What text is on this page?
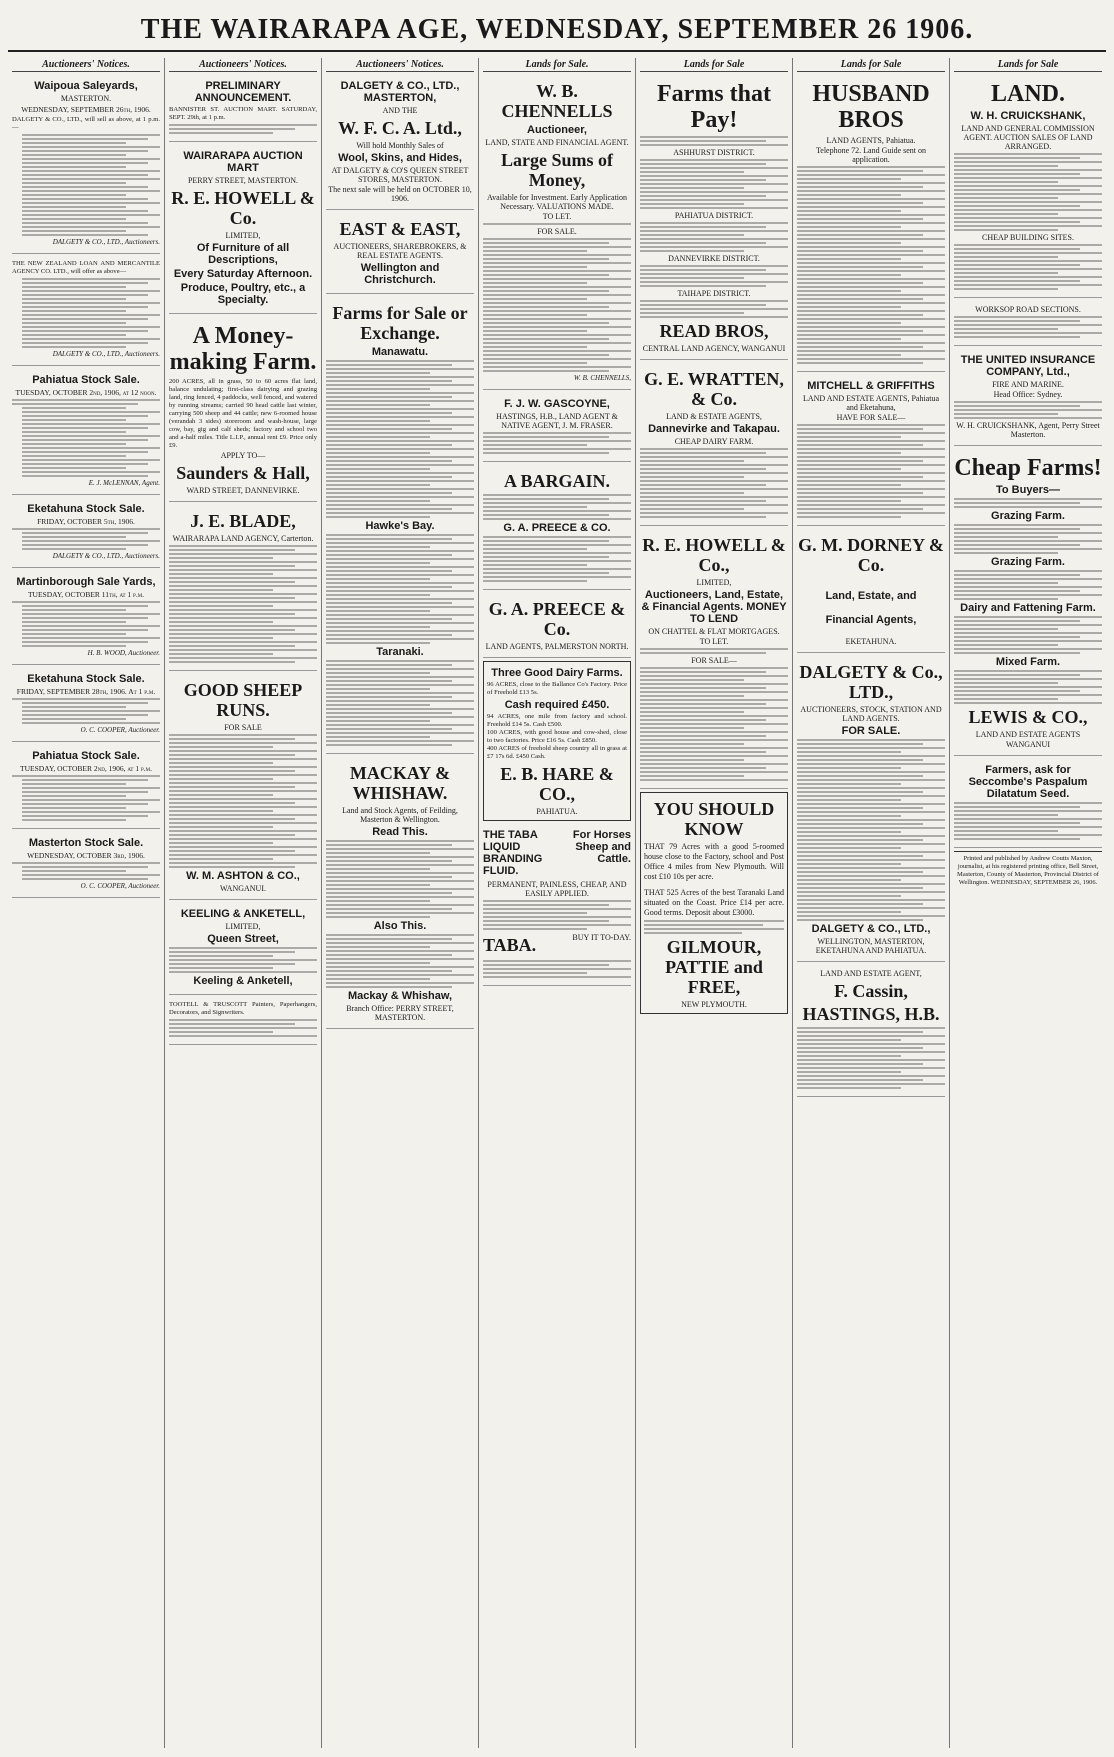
THE WAIRARAPA AGE, WEDNESDAY, SEPTEMBER 26 1906.
Auctioneers' Notices.
Waipoua Saleyards,
MASTERTON.
WEDNESDAY, SEPTEMBER 26th, 1906.
DALGETY & CO., LTD., will sell as above, at 1 p.m.—
DALGETY & CO., LTD., Auctioneers.
THE NEW ZEALAND LOAN AND MERCANTILE AGENCY CO. LTD., will offer as above—
DALGETY & CO., LTD., Auctioneers.
Pahiatua Stock Sale.
TUESDAY, OCTOBER 2nd, 1906, at 12 noon.
E. J. McLENNAN, Agent.
Eketahuna Stock Sale.
FRIDAY, OCTOBER 5th, 1906.
DALGETY & CO., LTD., Auctioneers.
Martinborough Sale Yards,
TUESDAY, OCTOBER 11th, at 1 p.m.
H. B. WOOD, Auctioneer.
Eketahuna Stock Sale.
FRIDAY, SEPTEMBER 28th, 1906. At 1 p.m.
O. C. COOPER, Auctioneer.
Pahiatua Stock Sale.
TUESDAY, OCTOBER 2nd, 1906, at 1 p.m.
Masterton Stock Sale.
WEDNESDAY, OCTOBER 3rd, 1906.
O. C. COOPER, Auctioneer.
Auctioneers' Notices.
PRELIMINARY ANNOUNCEMENT.
BANNISTER ST. AUCTION MART. SATURDAY, SEPT. 29th, at 1 p.m.
WAIRARAPA AUCTION MART
PERRY STREET, MASTERTON.
R. E. HOWELL & Co.
LIMITED,
Of Furniture of all Descriptions,
Every Saturday Afternoon.
Produce, Poultry, etc., a Specialty.
A Money-making Farm.
200 ACRES, all in grass, 50 to 60 acres flat land, balance undulating; first-class dairying and grazing land, ring fenced, 4 paddocks, well fenced, and watered by running streams; carried 90 head cattle last winter, carrying 500 sheep and 44 cattle; new 6-roomed house (verandah 3 sides) storeroom and wash-house, large cow, bay, gig and calf sheds; factory and school two and a-half miles. Title L.I.P., annual rent £9. Price only £9.
APPLY TO—
Saunders & Hall,
WARD STREET, DANNEVIRKE.
J. E. BLADE,
WAIRARAPA LAND AGENCY, Carterton.
GOOD SHEEP RUNS.
FOR SALE
W. M. ASHTON & CO.,
WANGANUI.
KEELING & ANKETELL,
LIMITED,
Queen Street,
Keeling & Anketell,
TOOTELL & TRUSCOTT Painters, Paperhangers, Decorators, and Signwriters.
Auctioneers' Notices.
DALGETY & CO., LTD., MASTERTON,
AND THE
W. F. C. A. Ltd.,
Will hold Monthly Sales of
Wool, Skins, and Hides,
AT DALGETY & CO'S QUEEN STREET STORES, MASTERTON.
The next sale will be held on OCTOBER 10, 1906.
EAST & EAST,
AUCTIONEERS, SHAREBROKERS, & REAL ESTATE AGENTS.
Wellington and Christchurch.
Farms for Sale or Exchange.
Manawatu.
Hawke's Bay.
Taranaki.
MACKAY & WHISHAW.
Land and Stock Agents, of Feilding, Masterton & Wellington.
Read This.
Also This.
Mackay & Whishaw,
Branch Office: PERRY STREET, MASTERTON.
Lands for Sale.
W. B. CHENNELLS
Auctioneer,
LAND, STATE AND FINANCIAL AGENT.
Large Sums of Money,
Available for Investment. Early Application Necessary. VALUATIONS MADE.
TO LET.
FOR SALE.
W. B. CHENNELLS,
F. J. W. GASCOYNE,
HASTINGS, H.B., LAND AGENT & NATIVE AGENT, J. M. FRASER.
A BARGAIN.
G. A. PREECE & CO.
G. A. PREECE & Co.
LAND AGENTS, PALMERSTON NORTH.
Three Good Dairy Farms.
96 ACRES, close to the Ballance Co's Factory. Price of Freehold £13 5s.
Cash required £450.
94 ACRES, one mile from factory and school. Freehold £14 5s. Cash £500.
100 ACRES, with good house and cow-shed, close to two factories. Price £16 5s. Cash £850.
400 ACRES of freehold sheep country all in grass at £7 17s 6d. £450 Cash.
E. B. HARE & CO.,
PAHIATUA.
THE TABA LIQUID BRANDING FLUID.
For Horses Sheep and Cattle.
PERMANENT, PAINLESS, CHEAP, AND EASILY APPLIED.
TABA.	BUY IT TO-DAY.
Lands for Sale
Farms that Pay!
ASHHURST DISTRICT.
PAHIATUA DISTRICT.
DANNEVIRKE DISTRICT.
TAIHAPE DISTRICT.
READ BROS,
CENTRAL LAND AGENCY, WANGANUI
G. E. WRATTEN, & Co.
LAND & ESTATE AGENTS,
Dannevirke and Takapau.
CHEAP DAIRY FARM.
R. E. HOWELL & Co.,
LIMITED,
Auctioneers, Land, Estate, & Financial Agents. MONEY TO LEND
ON CHATTEL & FLAT MORTGAGES.
TO LET.
FOR SALE—
YOU SHOULD KNOW
THAT 79 Acres with a good 5-roomed house close to the Factory, school and Post Office 4 miles from New Plymouth. Will cost £10 10s per acre.
THAT 525 Acres of the best Taranaki Land situated on the Coast. Price £14 per acre. Good terms. Deposit about £3000.
GILMOUR, PATTIE and FREE,
NEW PLYMOUTH.
Lands for Sale
HUSBAND BROS
LAND AGENTS, Pahiatua.
Telephone 72. Land Guide sent on application.
MITCHELL & GRIFFITHS
LAND AND ESTATE AGENTS, Pahiatua and Eketahuna,
HAVE FOR SALE—
G. M. DORNEY & Co.
Land, Estate, and
Financial Agents,
EKETAHUNA.
DALGETY & Co., LTD.,
AUCTIONEERS, STOCK, STATION AND LAND AGENTS.
FOR SALE.
DALGETY & CO., LTD.,
WELLINGTON, MASTERTON, EKETAHUNA AND PAHIATUA.
LAND AND ESTATE AGENT,
F. Cassin,
HASTINGS, H.B.
Lands for Sale
LAND.
W. H. CRUICKSHANK,
LAND AND GENERAL COMMISSION AGENT. AUCTION SALES OF LAND ARRANGED.
CHEAP BUILDING SITES.
WORKSOP ROAD SECTIONS.
THE UNITED INSURANCE COMPANY, Ltd.,
FIRE AND MARINE.
Head Office: Sydney.
W. H. CRUICKSHANK, Agent, Perry Street Masterton.
Cheap Farms!
To Buyers—
Grazing Farm.
Grazing Farm.
Dairy and Fattening Farm.
Mixed Farm.
LEWIS & CO.,
LAND AND ESTATE AGENTS
WANGANUI
Farmers, ask for Seccombe's Paspalum Dilatatum Seed.
Printed and published by Andrew Coutts Maxton, journalist, at his registered printing office, Bell Street, Masterton, County of Masterton, Provincial District of Wellington. WEDNESDAY, SEPTEMBER 26, 1906.
